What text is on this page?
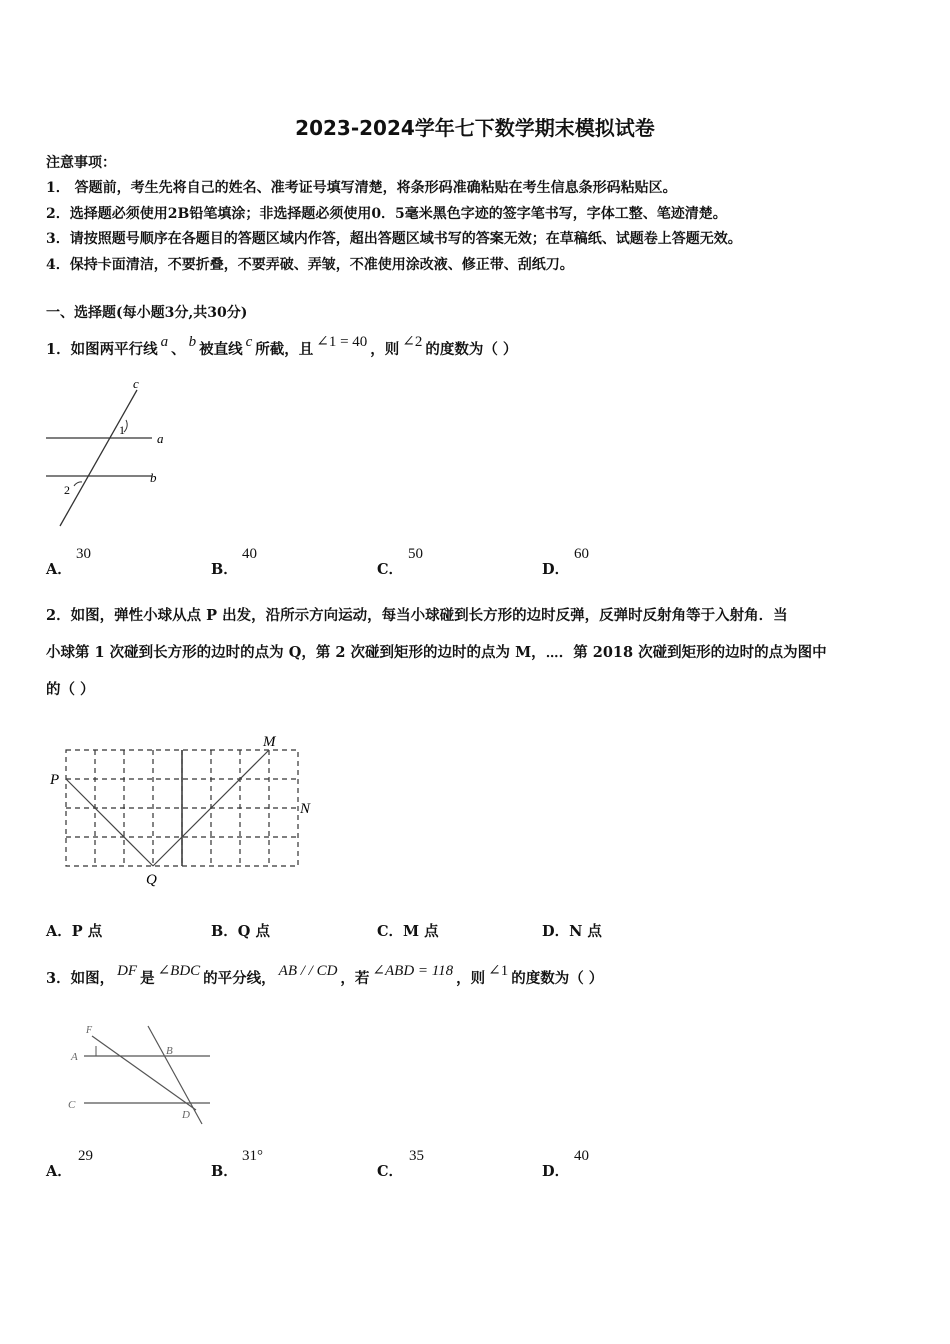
2023-2024学年七下数学期末模拟试卷
注意事项：
1． 答题前，考生先将自己的姓名、准考证号填写清楚，将条形码准确粘贴在考生信息条形码粘贴区。
2．选择题必须使用2B铅笔填涂；非选择题必须使用0．5毫米黑色字迹的签字笔书写，字体工整、笔迹清楚。
3．请按照题号顺序在各题目的答题区域内作答，超出答题区域书写的答案无效；在草稿纸、试题卷上答题无效。
4．保持卡面清洁，不要折叠，不要弄破、弄皱，不准使用涂改液、修正带、刮纸刀。
一、选择题(每小题3分,共30分)
1．如图两平行线 a 、 b 被直线 c 所截，且 ∠1 = 40 ，则 ∠2 的度数为（ ）
c
a
b
1
2
A．
30
B．
40
C．
50
D．
60
2．如图，弹性小球从点 P 出发，沿所示方向运动，每当小球碰到长方形的边时反弹，反弹时反射角等于入射角．当
小球第 1 次碰到长方形的边时的点为 Q，第 2 次碰到矩形的边时的点为 M，⋯．第 2018 次碰到矩形的边时的点为图中
的（ ）
P
Q
M
N
A．P 点	B．Q 点	C．M 点	D．N 点
3．如图， DF 是 ∠BDC 的平分线， AB / / CD ，若 ∠ABD = 118 ，则 ∠1 的度数为（ ）
F
A	B
C
D
A．
29
B．
31°
C．
35
D．
40
